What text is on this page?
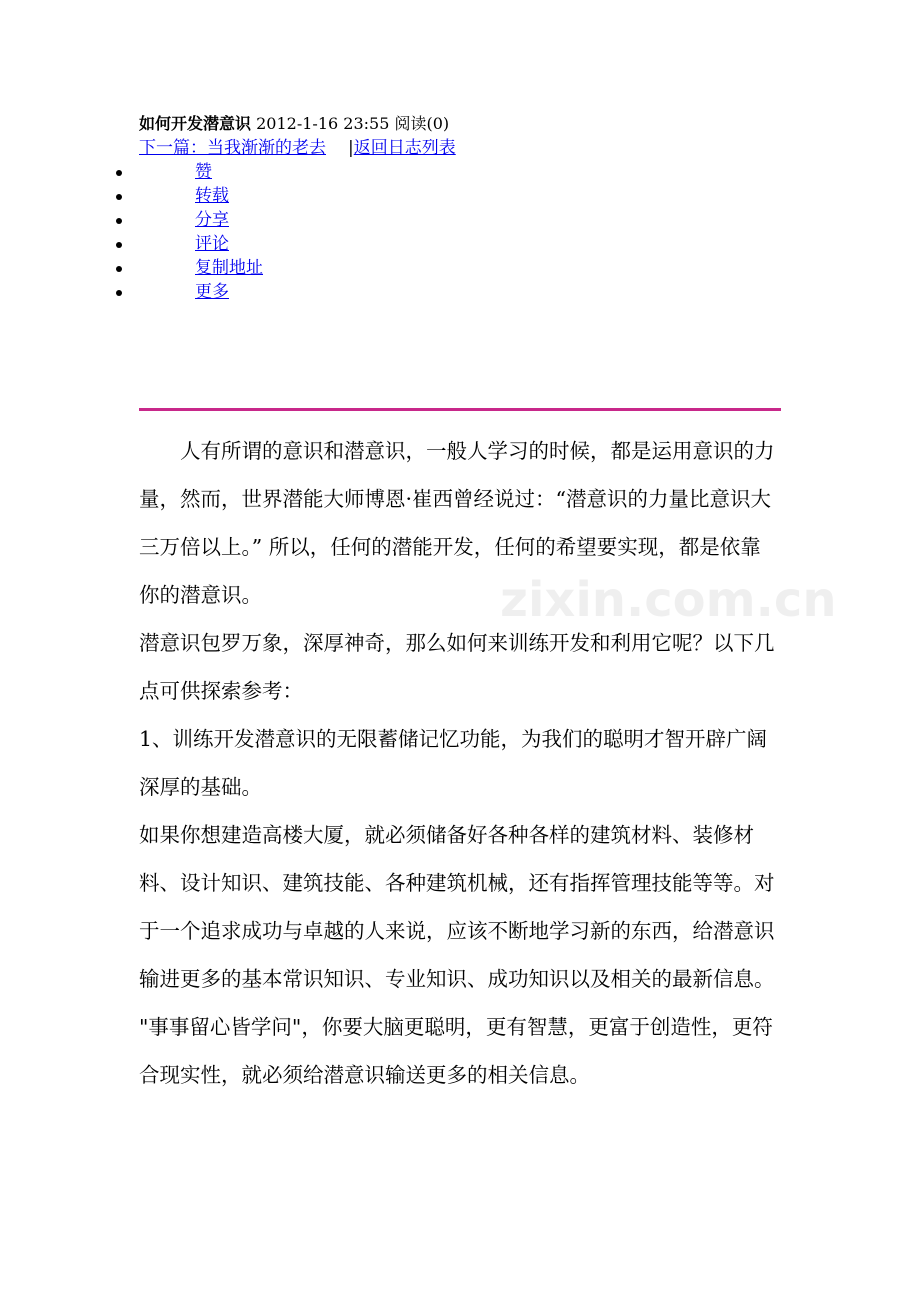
如何开发潜意识 2012-1-16 23:55 阅读(0)
下一篇：当我渐渐的老去 |返回日志列表
赞
转载
分享
评论
复制地址
更多

　　人有所谓的意识和潜意识，一般人学习的时候，都是运用意识的力量，然而，世界潜能大师博恩·崔西曾经说过：“潜意识的力量比意识大三万倍以上。” 所以，任何的潜能开发，任何的希望要实现，都是依靠你的潜意识。

潜意识包罗万象，深厚神奇，那么如何来训练开发和利用它呢？以下几点可供探索参考：

1、训练开发潜意识的无限蓄储记忆功能，为我们的聪明才智开辟广阔深厚的基础。

如果你想建造高楼大厦，就必须储备好各种各样的建筑材料、装修材料、设计知识、建筑技能、各种建筑机械，还有指挥管理技能等等。对于一个追求成功与卓越的人来说，应该不断地学习新的东西，给潜意识输进更多的基本常识知识、专业知识、成功知识以及相关的最新信息。

"事事留心皆学问"，你要大脑更聪明，更有智慧，更富于创造性，更符合现实性，就必须给潜意识输送更多的相关信息。

zixin.com.cn
